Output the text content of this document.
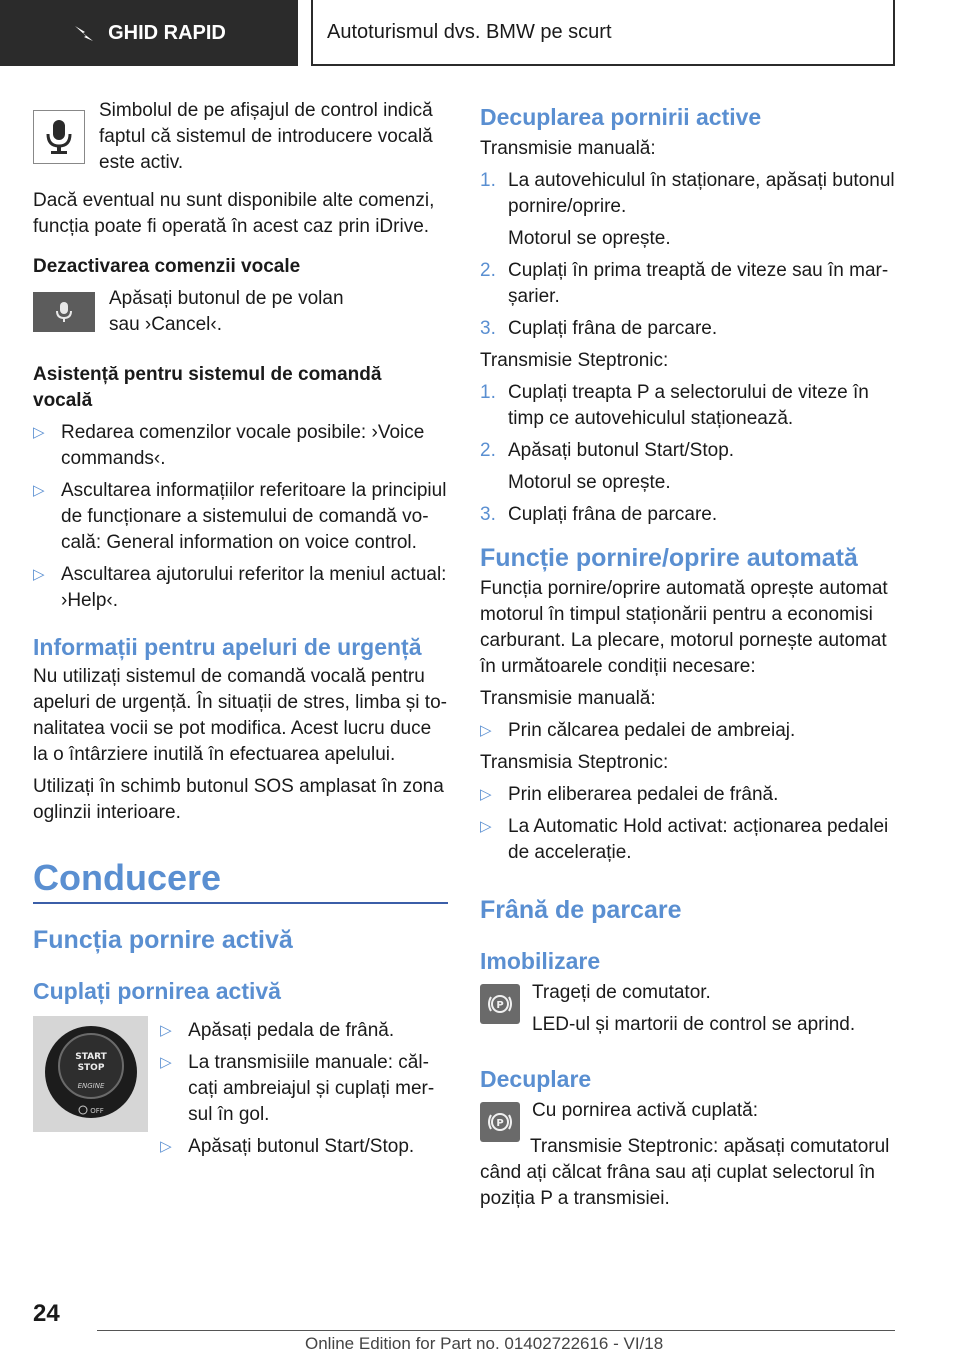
GHID RAPID	Autoturismul dvs. BMW pe scurt

Simbolul de pe afișajul de control indică faptul că sistemul de introducere vocală este activ.

Dacă eventual nu sunt disponibile alte comenzi, funcția poate fi operată în acest caz prin iDrive.

Dezactivarea comenzii vocale

Apăsați butonul de pe volan sau ›Cancel‹.

Asistență pentru sistemul de comandă vocală

▷ Redarea comenzilor vocale posibile: ›Voice commands‹.
▷ Ascultarea informațiilor referitoare la principiul de funcționare a sistemului de comandă vocală: General information on voice control.
▷ Ascultarea ajutorului referitor la meniul actual: ›Help‹.
Informații pentru apeluri de urgență

Nu utilizați sistemul de comandă vocală pentru apeluri de urgență. În situații de stres, limba și tonalitatea vocii se pot modifica. Acest lucru duce la o întârziere inutilă în efectuarea apelului.

Utilizați în schimb butonul SOS amplasat în zona oglinzii interioare.

Conducere
Funcția pornire activă
Cuplați pornirea activă
START
STOP
ENGINE
OFF
▷ Apăsați pedala de frână.
▷ La transmisiile manuale: călcați ambreiajul și cuplați mersul în gol.
▷ Apăsați butonul Start/Stop.
Decuplarea pornirii active

Transmisie manuală:

1. La autovehiculul în staționare, apăsați butonul pornire/oprire.

Motorul se oprește.

2. Cuplați în prima treaptă de viteze sau în marșarier.
3. Cuplați frâna de parcare.

Transmisie Steptronic:

1. Cuplați treapta P a selectorului de viteze în timp ce autovehiculul staționează.
2. Apăsați butonul Start/Stop.

Motorul se oprește.

3. Cuplați frâna de parcare.
Funcție pornire/oprire automată

Funcția pornire/oprire automată oprește automat motorul în timpul staționării pentru a economisi carburant. La plecare, motorul pornește automat în următoarele condiții necesare:

Transmisie manuală:

▷ Prin călcarea pedalei de ambreiaj.

Transmisia Steptronic:

▷ Prin eliberarea pedalei de frână.
▷ La Automatic Hold activat: acționarea pedalei de accelerație.
Frână de parcare
Imobilizare
P

Trageți de comutator.

LED-ul și martorii de control se aprind.

Decuplare
P

Cu pornirea activă cuplată:

Transmisie Steptronic: apăsați comutatorul când ați călcat frâna sau ați cuplat selectorul în poziția P a transmisiei.

24
Online Edition for Part no. 01402722616 - VI/18
